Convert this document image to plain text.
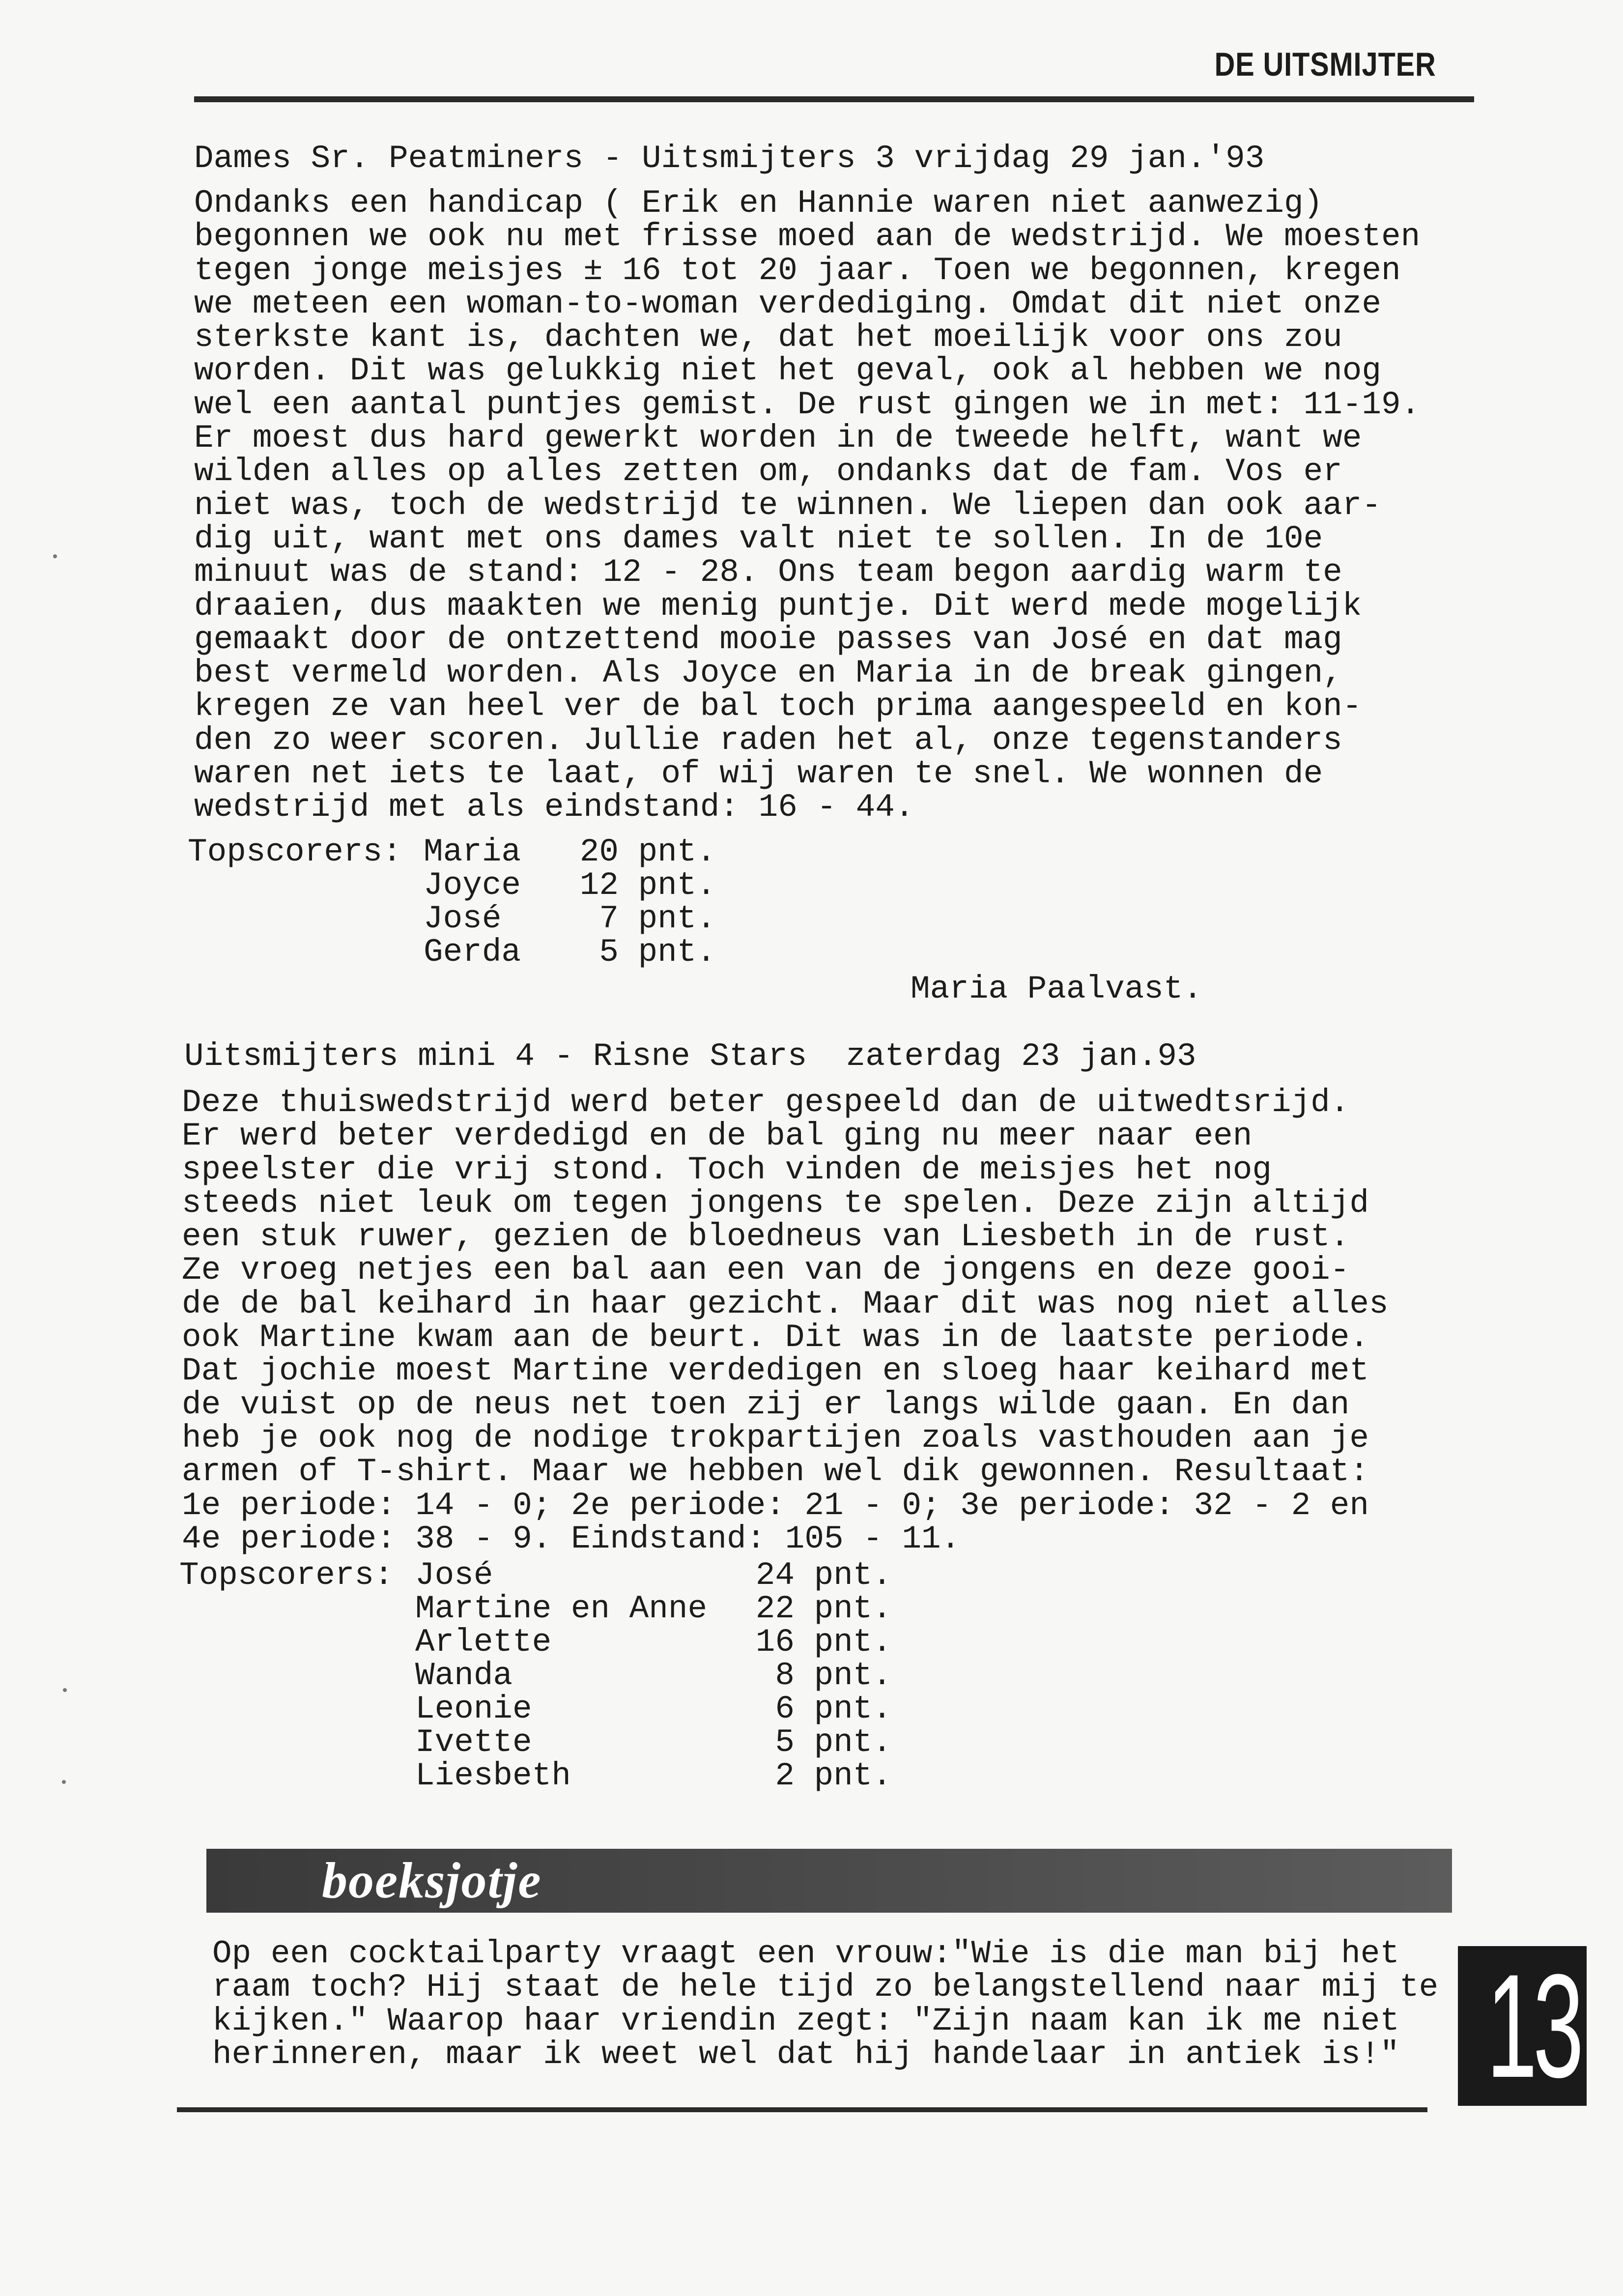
DE UITSMIJTER
Dames Sr. Peatminers - Uitsmijters 3 vrijdag 29 jan.'93
Ondanks een handicap ( Erik en Hannie waren niet aanwezig)
begonnen we ook nu met frisse moed aan de wedstrijd. We moesten
tegen jonge meisjes ± 16 tot 20 jaar. Toen we begonnen, kregen
we meteen een woman-to-woman verdediging. Omdat dit niet onze
sterkste kant is, dachten we, dat het moeilijk voor ons zou
worden. Dit was gelukkig niet het geval, ook al hebben we nog
wel een aantal puntjes gemist. De rust gingen we in met: 11-19.
Er moest dus hard gewerkt worden in de tweede helft, want we
wilden alles op alles zetten om, ondanks dat de fam. Vos er
niet was, toch de wedstrijd te winnen. We liepen dan ook aar-
dig uit, want met ons dames valt niet te sollen. In de 10e
minuut was de stand: 12 - 28. Ons team begon aardig warm te
draaien, dus maakten we menig puntje. Dit werd mede mogelijk
gemaakt door de ontzettend mooie passes van José en dat mag
best vermeld worden. Als Joyce en Maria in de break gingen,
kregen ze van heel ver de bal toch prima aangespeeld en kon-
den zo weer scoren. Jullie raden het al, onze tegenstanders
waren net iets te laat, of wij waren te snel. We wonnen de
wedstrijd met als eindstand: 16 - 44.
Topscorers: Maria	20 pnt.
Joyce	12 pnt.
José	7 pnt.
Gerda	5 pnt.
Maria Paalvast.
Uitsmijters mini 4 - Risne Stars  zaterdag 23 jan.93
Deze thuiswedstrijd werd beter gespeeld dan de uitwedtsrijd.
Er werd beter verdedigd en de bal ging nu meer naar een
speelster die vrij stond. Toch vinden de meisjes het nog
steeds niet leuk om tegen jongens te spelen. Deze zijn altijd
een stuk ruwer, gezien de bloedneus van Liesbeth in de rust.
Ze vroeg netjes een bal aan een van de jongens en deze gooi-
de de bal keihard in haar gezicht. Maar dit was nog niet alles
ook Martine kwam aan de beurt. Dit was in de laatste periode.
Dat jochie moest Martine verdedigen en sloeg haar keihard met
de vuist op de neus net toen zij er langs wilde gaan. En dan
heb je ook nog de nodige trokpartijen zoals vasthouden aan je
armen of T-shirt. Maar we hebben wel dik gewonnen. Resultaat:
1e periode: 14 - 0; 2e periode: 21 - 0; 3e periode: 32 - 2 en
4e periode: 38 - 9. Eindstand: 105 - 11.
Topscorers: José	24 pnt.
Martine en Anne	22 pnt.
Arlette	16 pnt.
Wanda	8 pnt.
Leonie	6 pnt.
Ivette	5 pnt.
Liesbeth	2 pnt.
boeksjotje
Op een cocktailparty vraagt een vrouw:"Wie is die man bij het
raam toch? Hij staat de hele tijd zo belangstellend naar mij te
kijken." Waarop haar vriendin zegt: "Zijn naam kan ik me niet
herinneren, maar ik weet wel dat hij handelaar in antiek is!" 13
